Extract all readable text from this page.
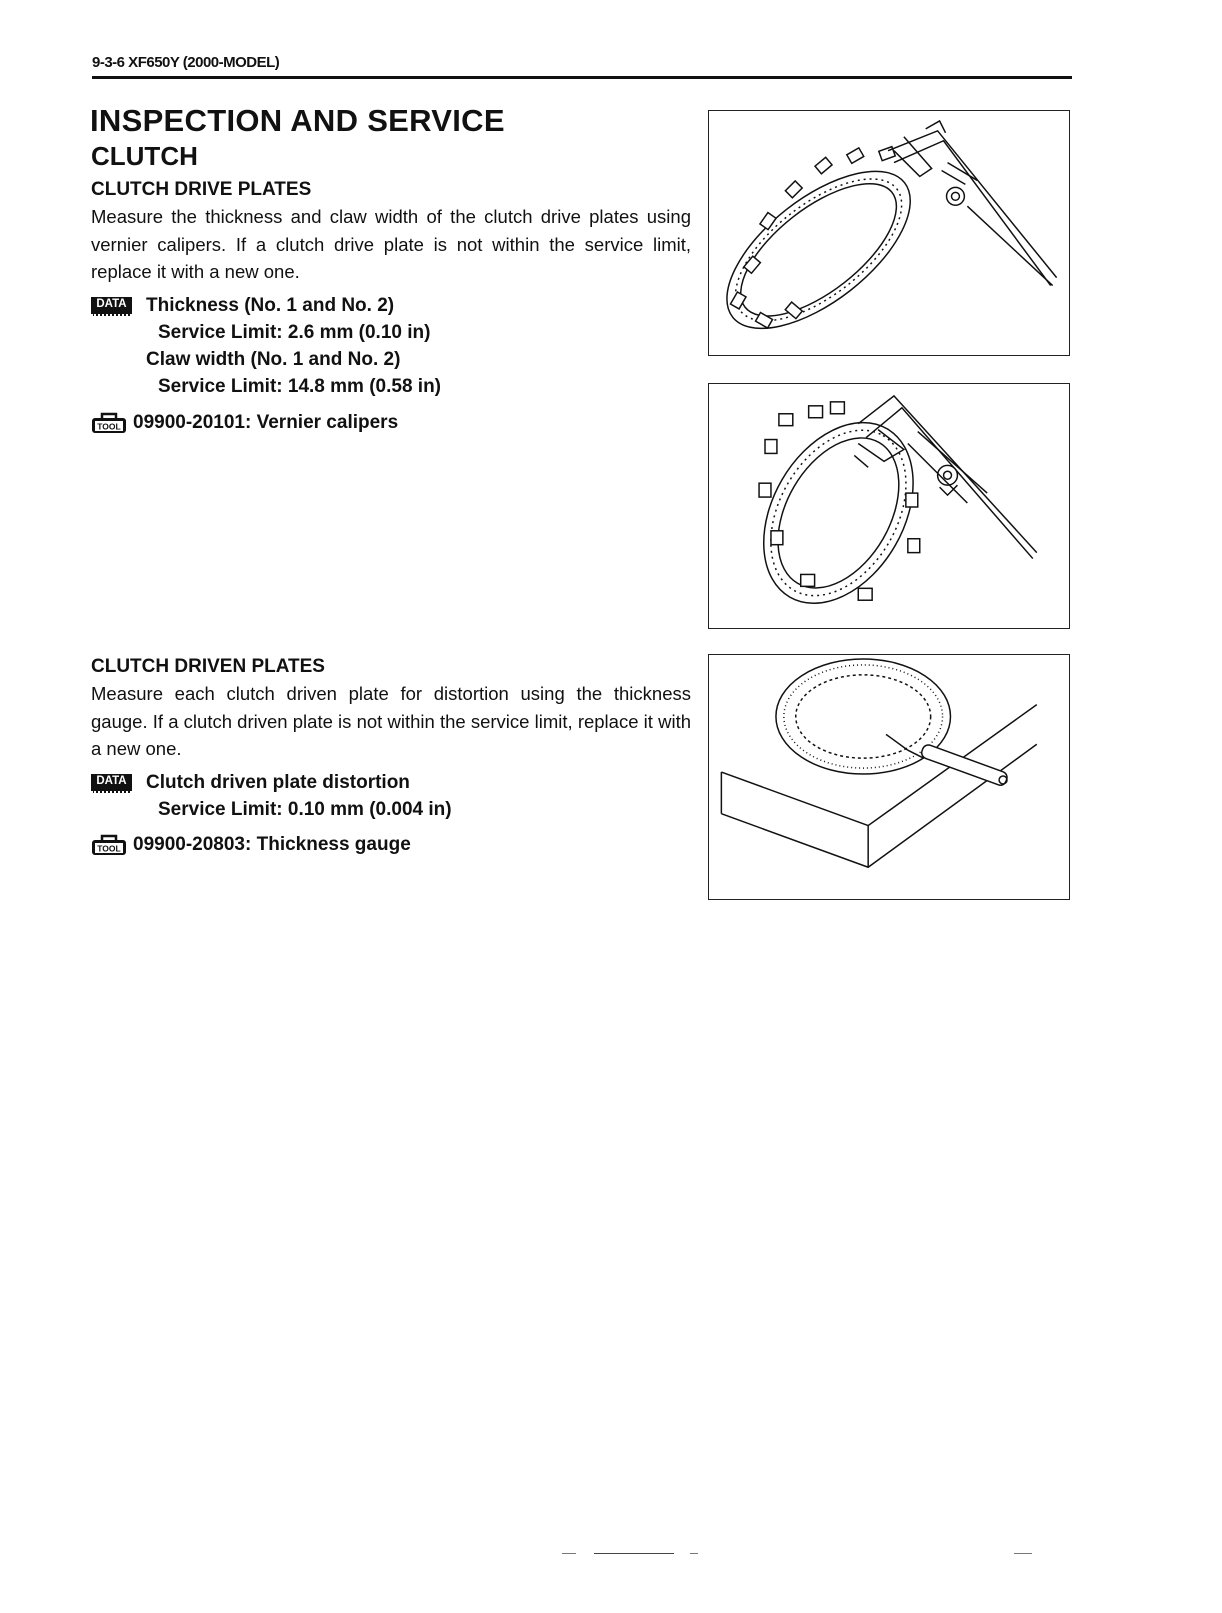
9-3-6 XF650Y (2000-MODEL)
INSPECTION AND SERVICE
CLUTCH
CLUTCH DRIVE PLATES

Measure the thickness and claw width of the clutch drive plates using vernier calipers. If a clutch drive plate is not within the service limit, replace it with a new one.

DATA Thickness (No. 1 and No. 2)
Service Limit: 2.6 mm (0.10 in)
Claw width (No. 1 and No. 2)
Service Limit: 14.8 mm (0.58 in)
TOOL 09900-20101: Vernier calipers
CLUTCH DRIVEN PLATES

Measure each clutch driven plate for distortion using the thickness gauge. If a clutch driven plate is not within the service limit, replace it with a new one.

DATA Clutch driven plate distortion
Service Limit: 0.10 mm (0.004 in)
TOOL 09900-20803: Thickness gauge
